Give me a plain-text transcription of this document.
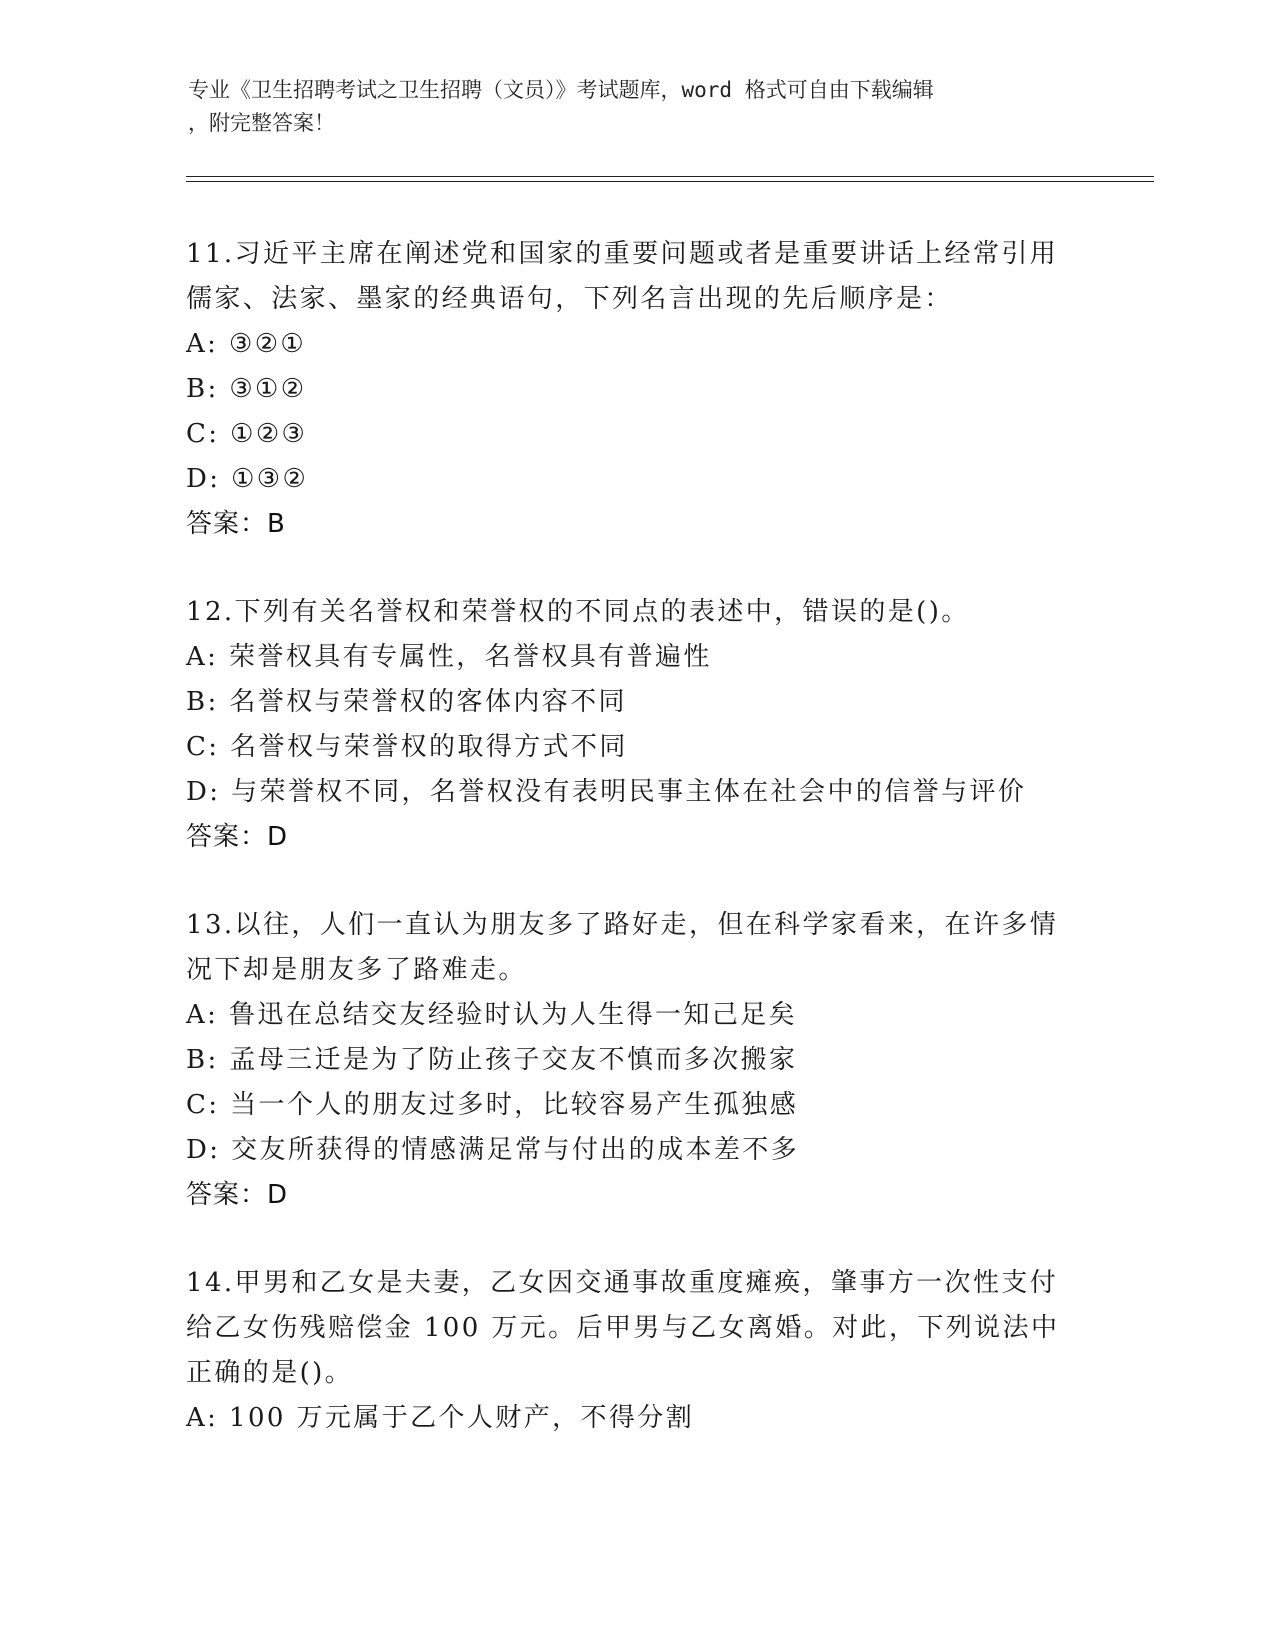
专业《卫生招聘考试之卫生招聘（文员）》考试题库，word 格式可自由下载编辑
，附完整答案！
11.习近平主席在阐述党和国家的重要问题或者是重要讲话上经常引用
儒家、法家、墨家的经典语句，下列名言出现的先后顺序是：
A: ③②①
B: ③①②
C: ①②③
D: ①③②
答案：B
12.下列有关名誉权和荣誉权的不同点的表述中，错误的是()。
A: 荣誉权具有专属性，名誉权具有普遍性
B: 名誉权与荣誉权的客体内容不同
C: 名誉权与荣誉权的取得方式不同
D: 与荣誉权不同，名誉权没有表明民事主体在社会中的信誉与评价
答案：D
13.以往，人们一直认为朋友多了路好走，但在科学家看来，在许多情
况下却是朋友多了路难走。
A: 鲁迅在总结交友经验时认为人生得一知己足矣
B: 孟母三迁是为了防止孩子交友不慎而多次搬家
C: 当一个人的朋友过多时，比较容易产生孤独感
D: 交友所获得的情感满足常与付出的成本差不多
答案：D
14.甲男和乙女是夫妻，乙女因交通事故重度瘫痪，肇事方一次性支付
给乙女伤残赔偿金 100 万元。后甲男与乙女离婚。对此，下列说法中
正确的是()。
A: 100 万元属于乙个人财产，不得分割
